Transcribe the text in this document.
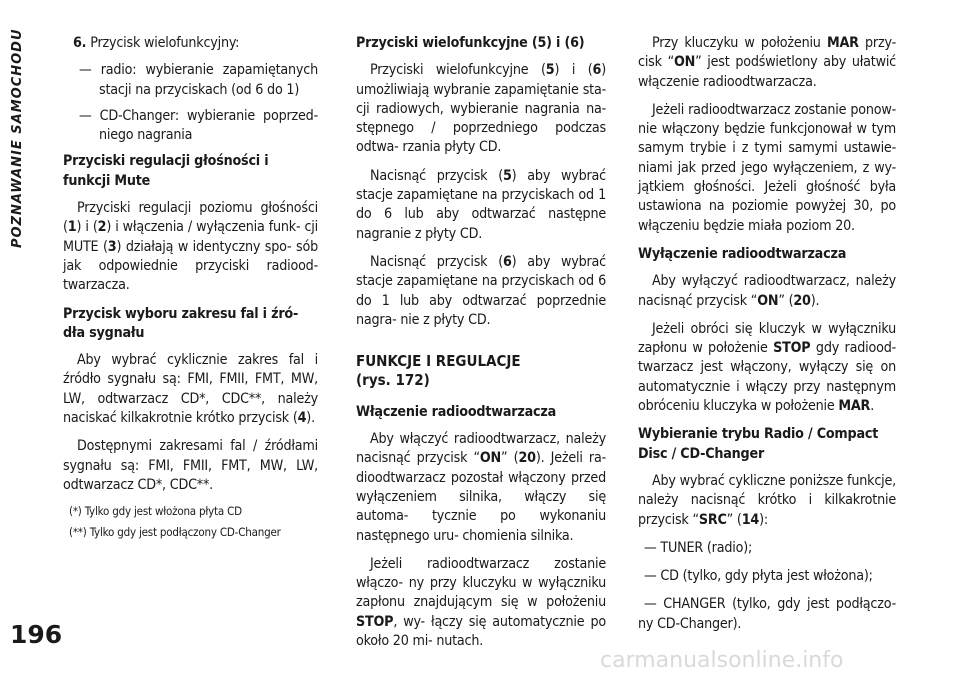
POZNAWANIE SAMOCHODU
196

6. Przycisk wielofunkcyjny:

— radio: wybieranie zapamiętanych stacji na przyciskach (od 6 do 1)

— CD-Changer: wybieranie poprzed- niego nagrania

Przyciski regulacji głośności i funkcji Mute

Przyciski regulacji poziomu głośności (1) i (2) i włączenia / wyłączenia funk- cji MUTE (3) działają w identyczny spo- sób jak odpowiednie przyciski radiood- twarzacza.

Przycisk wyboru zakresu fal i źró- dła sygnału

Aby wybrać cyklicznie zakres fal i źródło sygnału są: FMI, FMII, FMT, MW, LW, odtwarzacz CD*, CDC**, należy naciskać kilkakrotnie krótko przycisk (4).

Dostępnymi zakresami fal / źródłami sygnału są: FMI, FMII, FMT, MW, LW, odtwarzacz CD*, CDC**.

(*) Tylko gdy jest włożona płyta CD

(**) Tylko gdy jest podłączony CD-Changer

Przyciski wielofunkcyjne (5) i (6)

Przyciski wielofunkcyjne (5) i (6) umożliwiają wybranie zapamiętanie sta- cji radiowych, wybieranie nagrania na- stępnego / poprzedniego podczas odtwa- rzania płyty CD.

Nacisnąć przycisk (5) aby wybrać stacje zapamiętane na przyciskach od 1 do 6 lub aby odtwarzać następne nagranie z płyty CD.

Nacisnąć przycisk (6) aby wybrać stacje zapamiętane na przyciskach od 6 do 1 lub aby odtwarzać poprzednie nagra- nie z płyty CD.

FUNKCJE I REGULACJE

(rys. 172)

Włączenie radioodtwarzacza

Aby włączyć radioodtwarzacz, należy nacisnąć przycisk “ON” (20). Jeżeli ra- dioodtwarzacz pozostał włączony przed wyłączeniem silnika, włączy się automa- tycznie po wykonaniu następnego uru- chomienia silnika.

Jeżeli radioodtwarzacz zostanie włączo- ny przy kluczyku w wyłączniku zapłonu znajdującym się w położeniu STOP, wy- łączy się automatycznie po około 20 mi- nutach.

Przy kluczyku w położeniu MAR przy- cisk “ON” jest podświetlony aby ułatwić włączenie radioodtwarzacza.

Jeżeli radioodtwarzacz zostanie ponow- nie włączony będzie funkcjonował w tym samym trybie i z tymi samymi ustawie- niami jak przed jego wyłączeniem, z wy- jątkiem głośności. Jeżeli głośność była ustawiona na poziomie powyżej 30, po włączeniu będzie miała poziom 20.

Wyłączenie radioodtwarzacza

Aby wyłączyć radioodtwarzacz, należy nacisnąć przycisk “ON” (20).

Jeżeli obróci się kluczyk w wyłączniku zapłonu w położenie STOP gdy radiood- twarzacz jest włączony, wyłączy się on automatycznie i włączy przy następnym obróceniu kluczyka w położenie MAR.

Wybieranie trybu Radio / Compact Disc / CD-Changer

Aby wybrać cykliczne poniższe funkcje, należy nacisnąć krótko i kilkakrotnie przycisk “SRC” (14):

— TUNER (radio);

— CD (tylko, gdy płyta jest włożona);

— CHANGER (tylko, gdy jest podłączo- ny CD-Changer).

carmanualsonline.info
